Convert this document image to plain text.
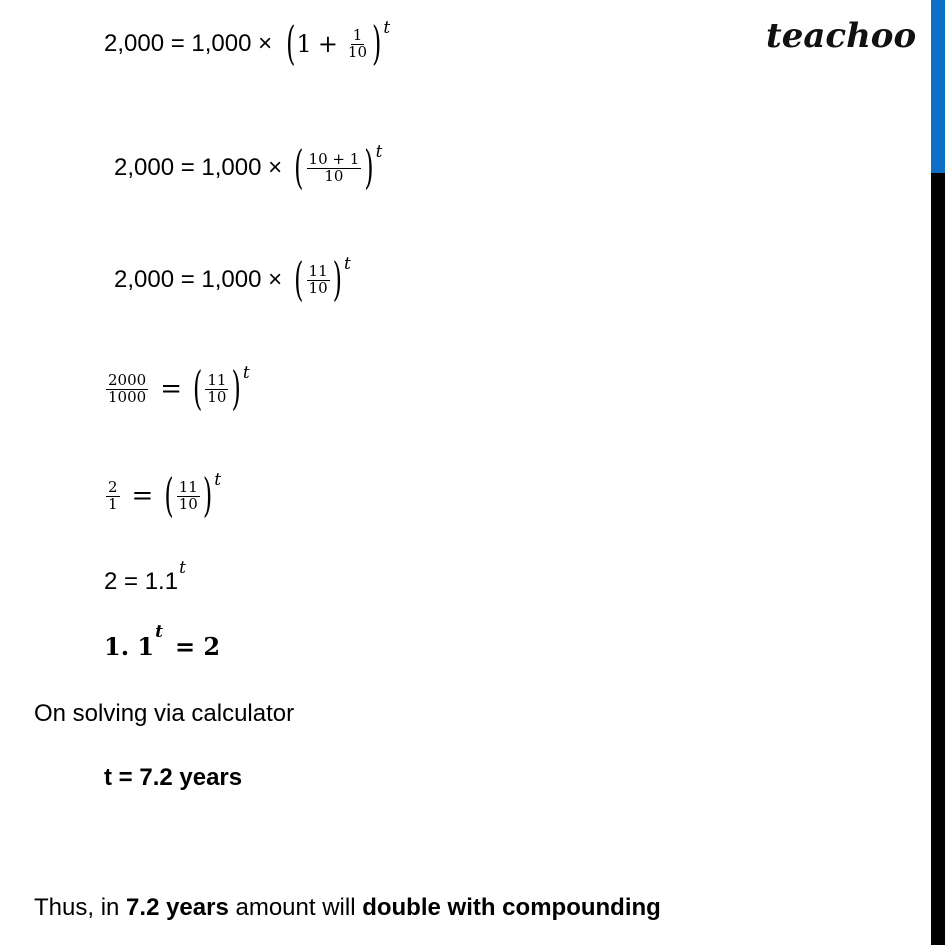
teachoo
2,000 = 1,000 × ( $1 + \frac{1}{10}$ ) t
2,000 = 1,000 × ( $\frac{10 + 1}{10}$ ) t
2,000 = 1,000 × ( $\frac{11}{10}$ ) t
$\frac{2000}{1000}$ = ( $\frac{11}{10}$ ) t
$\frac{2}{1}$ = ( $\frac{11}{10}$ ) t
2 = 1.1 t
1. 1 t = 2
On solving via calculator
t = 7.2 years
Thus, in 7.2 years amount will double with compounding
